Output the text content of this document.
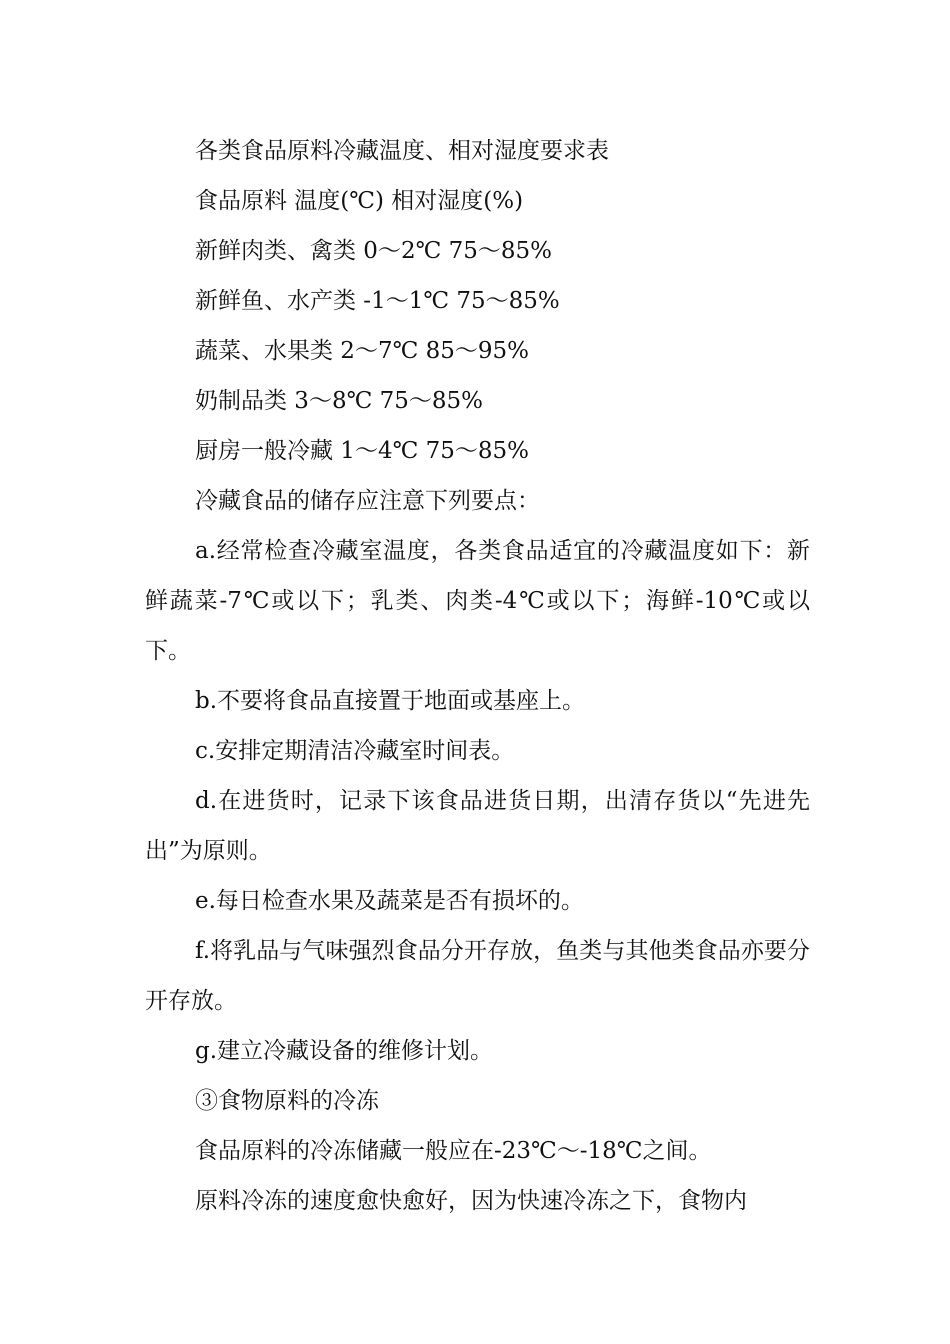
各类食品原料冷藏温度、相对湿度要求表

食品原料 温度(℃) 相对湿度(%)

新鲜肉类、禽类 0～2℃ 75～85%

新鲜鱼、水产类 -1～1℃ 75～85%

蔬菜、水果类 2～7℃ 85～95%

奶制品类 3～8℃ 75～85%

厨房一般冷藏 1～4℃ 75～85%

冷藏食品的储存应注意下列要点：

a.经常检查冷藏室温度，各类食品适宜的冷藏温度如下：新鲜蔬菜-7℃或以下；乳类、肉类-4℃或以下；海鲜-10℃或以下。

b.不要将食品直接置于地面或基座上。

c.安排定期清洁冷藏室时间表。

d.在进货时，记录下该食品进货日期，出清存货以“先进先出”为原则。

e.每日检查水果及蔬菜是否有损坏的。

f.将乳品与气味强烈食品分开存放，鱼类与其他类食品亦要分开存放。

g.建立冷藏设备的维修计划。

③食物原料的冷冻

食品原料的冷冻储藏一般应在-23℃～-18℃之间。

原料冷冻的速度愈快愈好，因为快速冷冻之下，食物内
